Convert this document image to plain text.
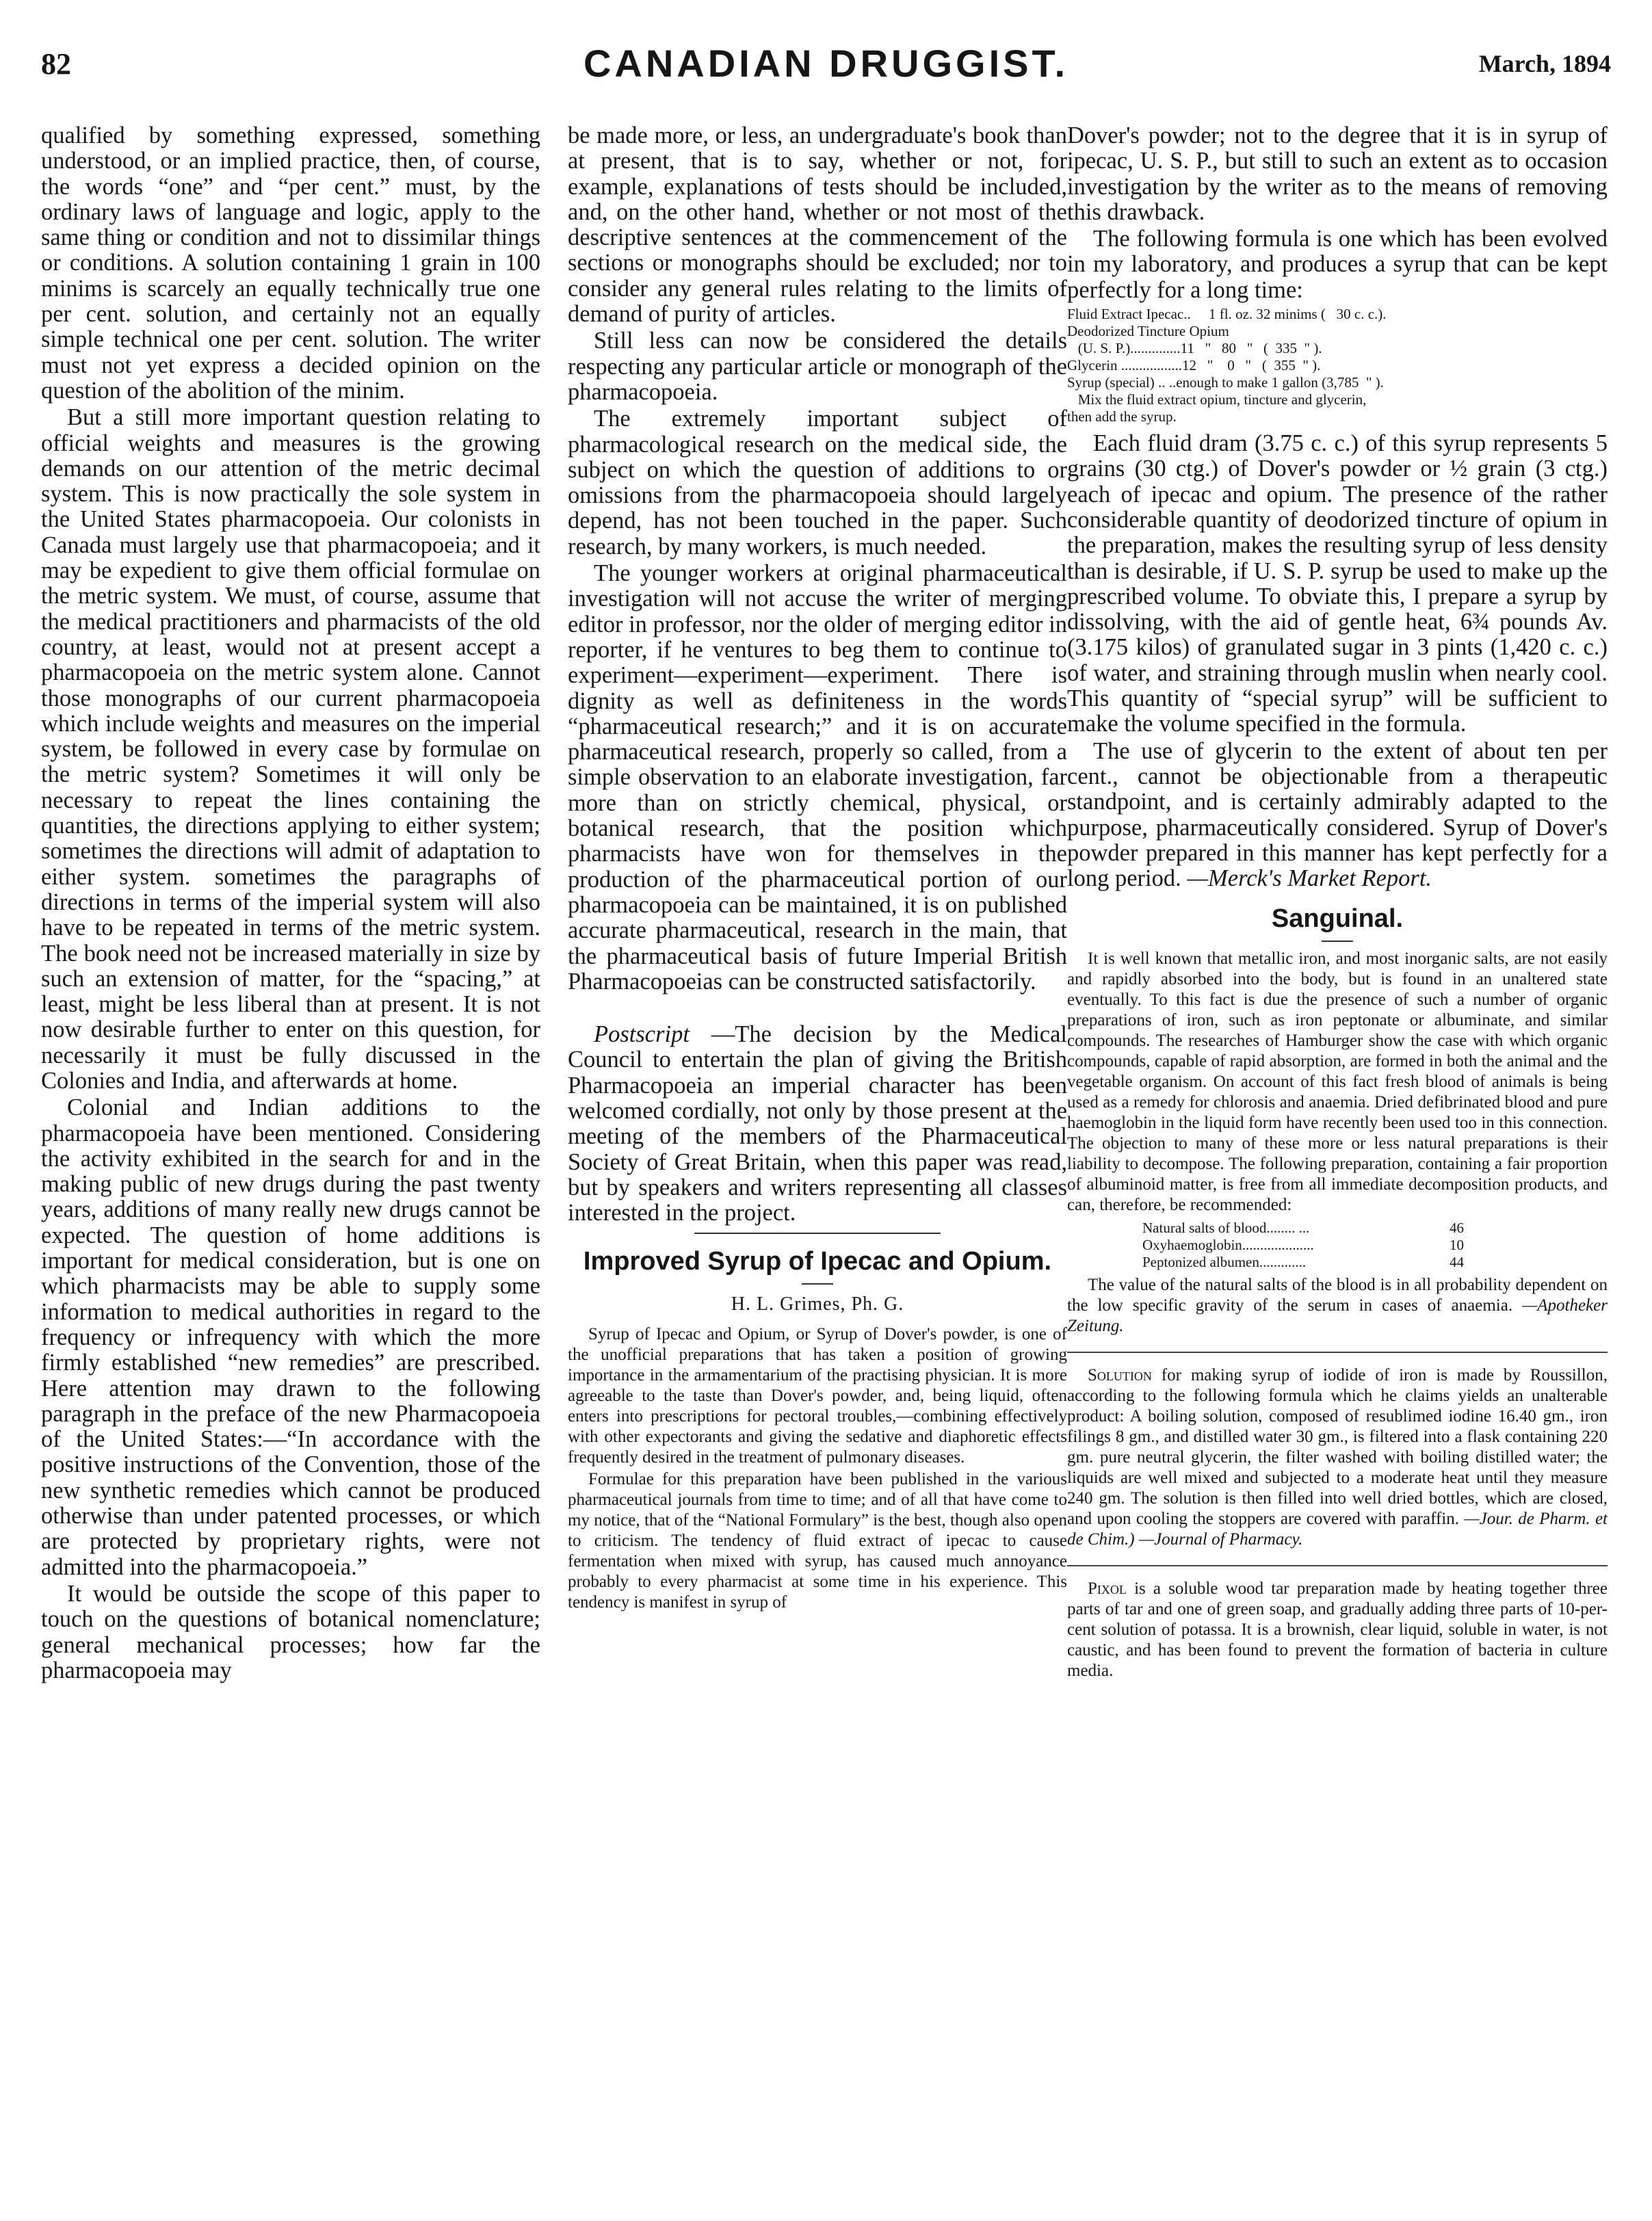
82	CANADIAN DRUGGIST.	March, 1894

qualified by something expressed, something understood, or an implied practice, then, of course, the words “one” and “per cent.” must, by the ordinary laws of language and logic, apply to the same thing or condition and not to dissimilar things or conditions. A solution containing 1 grain in 100 minims is scarcely an equally technically true one per cent. solution, and certainly not an equally simple technical one per cent. solution. The writer must not yet express a decided opinion on the question of the abolition of the minim.

But a still more important question relating to official weights and measures is the growing demands on our attention of the metric decimal system. This is now practically the sole system in the United States pharmacopoeia. Our colonists in Canada must largely use that pharmacopoeia; and it may be expedient to give them official formulae on the metric system. We must, of course, assume that the medical practitioners and pharmacists of the old country, at least, would not at present accept a pharmacopoeia on the metric system alone. Cannot those monographs of our current pharmacopoeia which include weights and measures on the imperial system, be followed in every case by formulae on the metric system? Sometimes it will only be necessary to repeat the lines containing the quantities, the directions applying to either system; sometimes the directions will admit of adaptation to either system. sometimes the paragraphs of directions in terms of the imperial system will also have to be repeated in terms of the metric system. The book need not be increased materially in size by such an extension of matter, for the “spacing,” at least, might be less liberal than at present. It is not now desirable further to enter on this question, for necessarily it must be fully discussed in the Colonies and India, and afterwards at home.

Colonial and Indian additions to the pharmacopoeia have been mentioned. Considering the activity exhibited in the search for and in the making public of new drugs during the past twenty years, additions of many really new drugs cannot be expected. The question of home additions is important for medical consideration, but is one on which pharmacists may be able to supply some information to medical authorities in regard to the frequency or infrequency with which the more firmly established “new remedies” are prescribed. Here attention may drawn to the following paragraph in the preface of the new Pharmacopoeia of the United States:—“In accordance with the positive instructions of the Convention, those of the new synthetic remedies which cannot be produced otherwise than under patented processes, or which are protected by proprietary rights, were not admitted into the pharmacopoeia.”

It would be outside the scope of this paper to touch on the questions of botanical nomenclature; general mechanical processes; how far the pharmacopoeia may

be made more, or less, an undergraduate's book than at present, that is to say, whether or not, for example, explanations of tests should be included, and, on the other hand, whether or not most of the descriptive sentences at the commencement of the sections or monographs should be excluded; nor to consider any general rules relating to the limits of demand of purity of articles.

Still less can now be considered the details respecting any particular article or monograph of the pharmacopoeia.

The extremely important subject of pharmacological research on the medical side, the subject on which the question of additions to or omissions from the pharmacopoeia should largely depend, has not been touched in the paper. Such research, by many workers, is much needed.

The younger workers at original pharmaceutical investigation will not accuse the writer of merging editor in professor, nor the older of merging editor in reporter, if he ventures to beg them to continue to experiment—experiment—experiment. There is dignity as well as definiteness in the words “pharmaceutical research;” and it is on accurate pharmaceutical research, properly so called, from a simple observation to an elaborate investigation, far more than on strictly chemical, physical, or botanical research, that the position which pharmacists have won for themselves in the production of the pharmaceutical portion of our pharmacopoeia can be maintained, it is on published accurate pharmaceutical, research in the main, that the pharmaceutical basis of future Imperial British Pharmacopoeias can be constructed satisfactorily.

Postscript —The decision by the Medical Council to entertain the plan of giving the British Pharmacopoeia an imperial character has been welcomed cordially, not only by those present at the meeting of the members of the Pharmaceutical Society of Great Britain, when this paper was read, but by speakers and writers representing all classes interested in the project.

Improved Syrup of Ipecac and Opium.
H. L. Grimes, Ph. G.

Syrup of Ipecac and Opium, or Syrup of Dover's powder, is one of the unofficial preparations that has taken a position of growing importance in the armamentarium of the practising physician. It is more agreeable to the taste than Dover's powder, and, being liquid, often enters into prescriptions for pectoral troubles,—combining effectively with other expectorants and giving the sedative and diaphoretic effects frequently desired in the treatment of pulmonary diseases.

Formulae for this preparation have been published in the various pharmaceutical journals from time to time; and of all that have come to my notice, that of the “National Formulary” is the best, though also open to criticism. The tendency of fluid extract of ipecac to cause fermentation when mixed with syrup, has caused much annoyance probably to every pharmacist at some time in his experience. This tendency is manifest in syrup of

Dover's powder; not to the degree that it is in syrup of ipecac, U. S. P., but still to such an extent as to occasion investigation by the writer as to the means of removing this drawback.

The following formula is one which has been evolved in my laboratory, and produces a syrup that can be kept perfectly for a long time:

Fluid Extract Ipecac..     1 fl. oz. 32 minims (   30 c. c.).
Deodorized Tincture Opium
(U. S. P.)..............11   "   80   "   (  335  " ).
Glycerin .................12   "    0   "   (  355  " ).
Syrup (special) .. ..enough to make 1 gallon (3,785  " ).
Mix the fluid extract opium, tincture and glycerin,
then add the syrup.

Each fluid dram (3.75 c. c.) of this syrup represents 5 grains (30 ctg.) of Dover's powder or ½ grain (3 ctg.) each of ipecac and opium. The presence of the rather considerable quantity of deodorized tincture of opium in the preparation, makes the resulting syrup of less density than is desirable, if U. S. P. syrup be used to make up the prescribed volume. To obviate this, I prepare a syrup by dissolving, with the aid of gentle heat, 6¾ pounds Av. (3.175 kilos) of granulated sugar in 3 pints (1,420 c. c.) of water, and straining through muslin when nearly cool. This quantity of “special syrup” will be sufficient to make the volume specified in the formula.

The use of glycerin to the extent of about ten per cent., cannot be objectionable from a therapeutic standpoint, and is certainly admirably adapted to the purpose, pharmaceutically considered. Syrup of Dover's powder prepared in this manner has kept perfectly for a long period. —Merck's Market Report.

Sanguinal.

It is well known that metallic iron, and most inorganic salts, are not easily and rapidly absorbed into the body, but is found in an unaltered state eventually. To this fact is due the presence of such a number of organic preparations of iron, such as iron peptonate or albuminate, and similar compounds. The researches of Hamburger show the case with which organic compounds, capable of rapid absorption, are formed in both the animal and the vegetable organism. On account of this fact fresh blood of animals is being used as a remedy for chlorosis and anaemia. Dried defibrinated blood and pure haemoglobin in the liquid form have recently been used too in this connection. The objection to many of these more or less natural preparations is their liability to decompose. The following preparation, containing a fair proportion of albuminoid matter, is free from all immediate decomposition products, and can, therefore, be recommended:

Natural salts of blood........ ...	46
Oxyhaemoglobin....................	10
Peptonized albumen.............	44

The value of the natural salts of the blood is in all probability dependent on the low specific gravity of the serum in cases of anaemia. —Apotheker Zeitung.

Solution for making syrup of iodide of iron is made by Roussillon, according to the following formula which he claims yields an unalterable product: A boiling solution, composed of resublimed iodine 16.40 gm., iron filings 8 gm., and distilled water 30 gm., is filtered into a flask containing 220 gm. pure neutral glycerin, the filter washed with boiling distilled water; the liquids are well mixed and subjected to a moderate heat until they measure 240 gm. The solution is then filled into well dried bottles, which are closed, and upon cooling the stoppers are covered with paraffin. —Jour. de Pharm. et de Chim.) —Journal of Pharmacy.

Pixol is a soluble wood tar preparation made by heating together three parts of tar and one of green soap, and gradually adding three parts of 10-per-cent solution of potassa. It is a brownish, clear liquid, soluble in water, is not caustic, and has been found to prevent the formation of bacteria in culture media.
